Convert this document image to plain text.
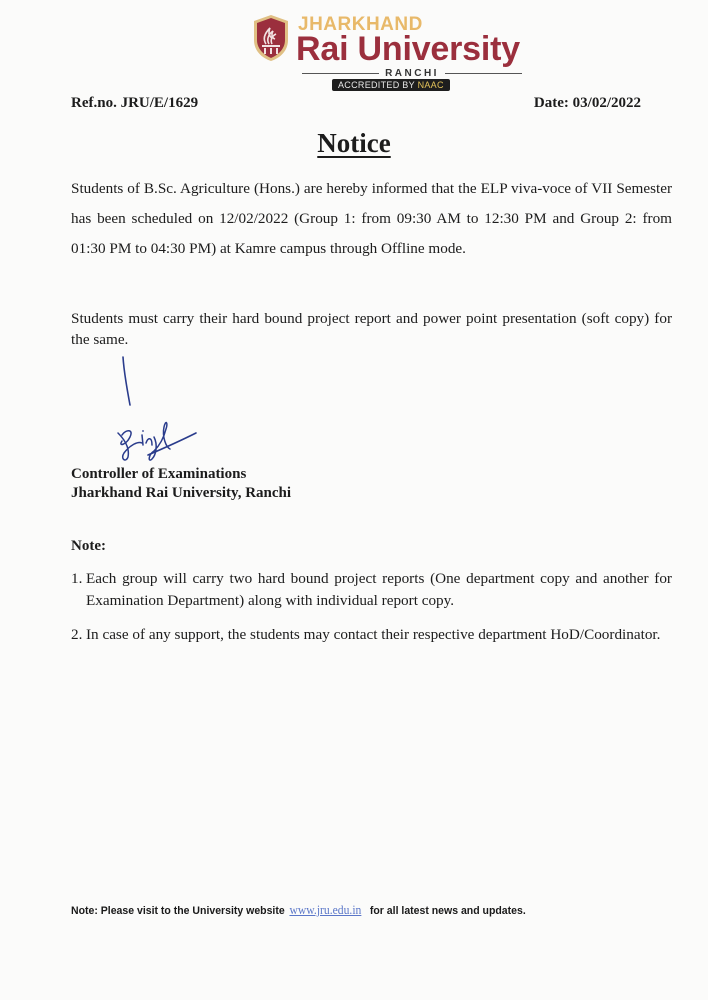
JHARKHAND
Rai University
RANCHI
ACCREDITED BY NAAC
Ref.no. JRU/E/1629	Date: 03/02/2022
Notice
Students of B.Sc. Agriculture (Hons.) are hereby informed that the ELP viva-voce of VII Semester has been scheduled on 12/02/2022 (Group 1: from 09:30 AM to 12:30 PM and Group 2: from 01:30 PM to 04:30 PM) at Kamre campus through Offline mode.
Students must carry their hard bound project report and power point presentation (soft copy) for the same.
Controller of Examinations
Jharkhand Rai University, Ranchi
Note:
1. Each group will carry two hard bound project reports (One department copy and another for Examination Department) along with individual report copy.
2. In case of any support, the students may contact their respective department HoD/Coordinator.
Note: Please visit to the University website www.jru.edu.in for all latest news and updates.
